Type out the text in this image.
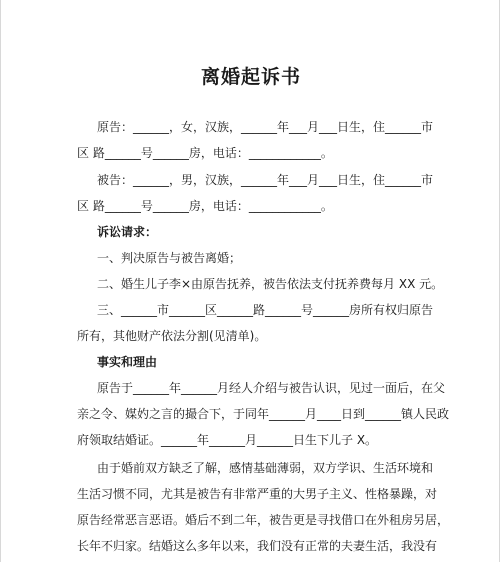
离婚起诉书
原告：______，女，汉族，______年___月___日生，住______市
区 路______号______房，电话：____________。
被告：______，男，汉族，______年___月___日生，住______市
区 路______号______房，电话：____________。
诉讼请求：
一、判决原告与被告离婚；
二、婚生儿子李×由原告抚养，被告依法支付抚养费每月 XX 元。
三、______市______区______路______号______房所有权归原告
所有，其他财产依法分割(见清单)。
事实和理由
原告于______年______月经人介绍与被告认识，见过一面后，在父
亲之令、媒妁之言的撮合下，于同年______月____日到______镇人民政
府领取结婚证。______年______月______日生下儿子 X。
由于婚前双方缺乏了解，感情基础薄弱，双方学识、生活环境和
生活习惯不同，尤其是被告有非常严重的大男子主义、性格暴躁，对
原告经常恶言恶语。婚后不到二年，被告更是寻找借口在外租房另居，
长年不归家。结婚这么多年以来，我们没有正常的夫妻生活，我没有
